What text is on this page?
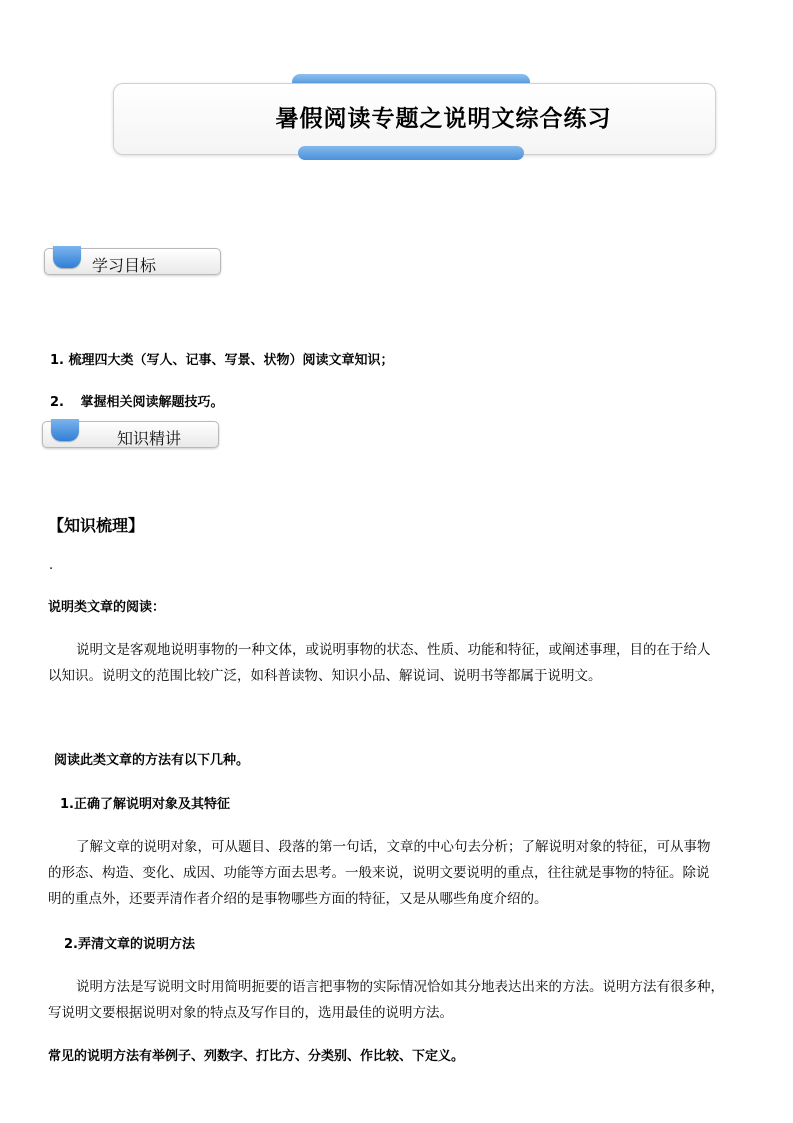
暑假阅读专题之说明文综合练习
学习目标
1. 梳理四大类（写人、记事、写景、状物）阅读文章知识；
2. 掌握相关阅读解题技巧。
知识精讲
【知识梳理】
.
说明类文章的阅读：

说明文是客观地说明事物的一种文体，或说明事物的状态、性质、功能和特征，或阐述事理，目的在于给人

以知识。说明文的范围比较广泛，如科普读物、知识小品、解说词、说明书等都属于说明文。

阅读此类文章的方法有以下几种。
1.正确了解说明对象及其特征

了解文章的说明对象，可从题目、段落的第一句话，文章的中心句去分析；了解说明对象的特征，可从事物

的形态、构造、变化、成因、功能等方面去思考。一般来说，说明文要说明的重点，往往就是事物的特征。除说

明的重点外，还要弄清作者介绍的是事物哪些方面的特征，又是从哪些角度介绍的。

2.弄清文章的说明方法

说明方法是写说明文时用简明扼要的语言把事物的实际情况恰如其分地表达出来的方法。说明方法有很多种，

写说明文要根据说明对象的特点及写作目的，选用最佳的说明方法。

常见的说明方法有举例子、列数字、打比方、分类别、作比较、下定义。
